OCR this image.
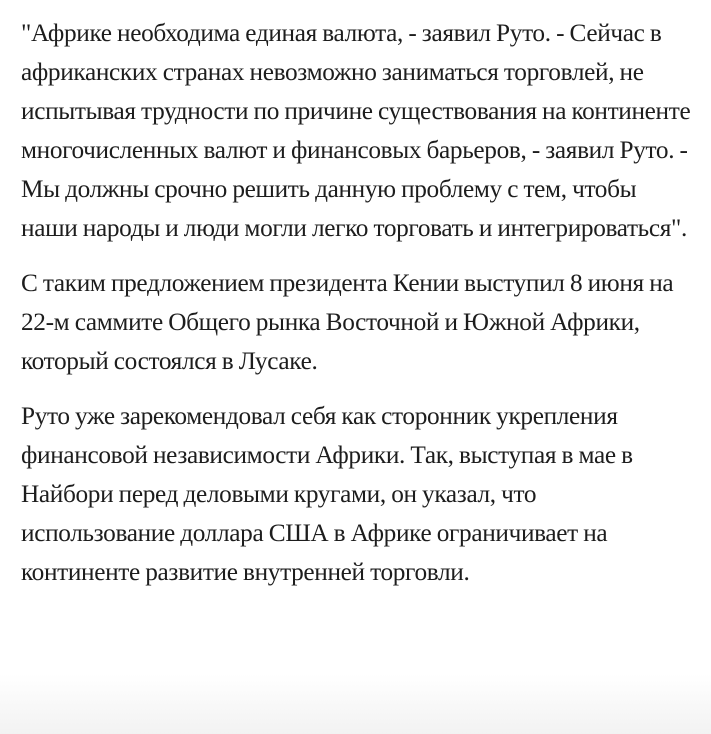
"Африке необходима единая валюта, - заявил Руто. - Сейчас в африканских странах невозможно заниматься торговлей, не испытывая трудности по причине существования на континенте многочисленных валют и финансовых барьеров, - заявил Руто. - Мы должны срочно решить данную проблему с тем, чтобы наши народы и люди могли легко торговать и интегрироваться".

С таким предложением президента Кении выступил 8 июня на 22-м саммите Общего рынка Восточной и Южной Африки, который состоялся в Лусаке.

Руто уже зарекомендовал себя как сторонник укрепления финансовой независимости Африки. Так, выступая в мае в Найбори перед деловыми кругами, он указал, что использование доллара США в Африке ограничивает на континенте развитие внутренней торговли.
